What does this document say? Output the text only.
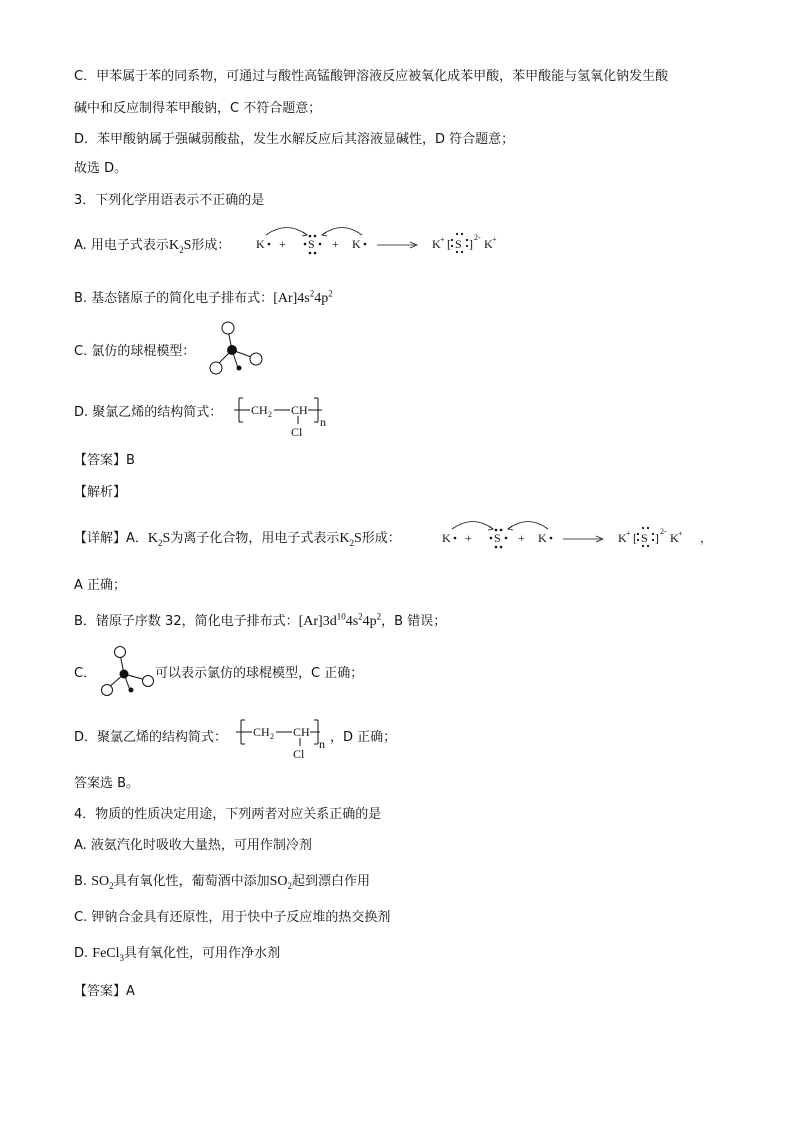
C．甲苯属于苯的同系物，可通过与酸性高锰酸钾溶液反应被氧化成苯甲酸，苯甲酸能与氢氧化钠发生酸
碱中和反应制得苯甲酸钠，C 不符合题意；
D．苯甲酸钠属于强碱弱酸盐，发生水解反应后其溶液显碱性，D 符合题意；
故选 D。
3．下列化学用语表示不正确的是
A. 用电子式表示$K_2S$形成： K + S + K	K + [ S ] 2- K +
B. 基态锗原子的简化电子排布式：$[Ar]4s^24p^2$
C. 氯仿的球棍模型：
D. 聚氯乙烯的结构简式： CH 2 CH
Cl
n
【答案】B
【解析】
【详解】A．$K_2S$为离子化合物，用电子式表示$K_2S$形成：	K + S + K	K + [ S ] 2- K + ，
A 正确；
B．锗原子序数 32，简化电子排布式：$[Ar]3d^{10}4s^24p^2$，B 错误；
C．	可以表示氯仿的球棍模型，C 正确；
D．聚氯乙烯的结构简式： CH 2 CH
Cl
n ，D 正确；
答案选 B。
4．物质的性质决定用途，下列两者对应关系正确的是
A. 液氨汽化时吸收大量热，可用作制冷剂
B. $SO_2$具有氧化性，葡萄酒中添加$SO_2$起到漂白作用
C. 钾钠合金具有还原性，用于快中子反应堆的热交换剂
D. FeCl$_3$具有氧化性，可用作净水剂
【答案】A
